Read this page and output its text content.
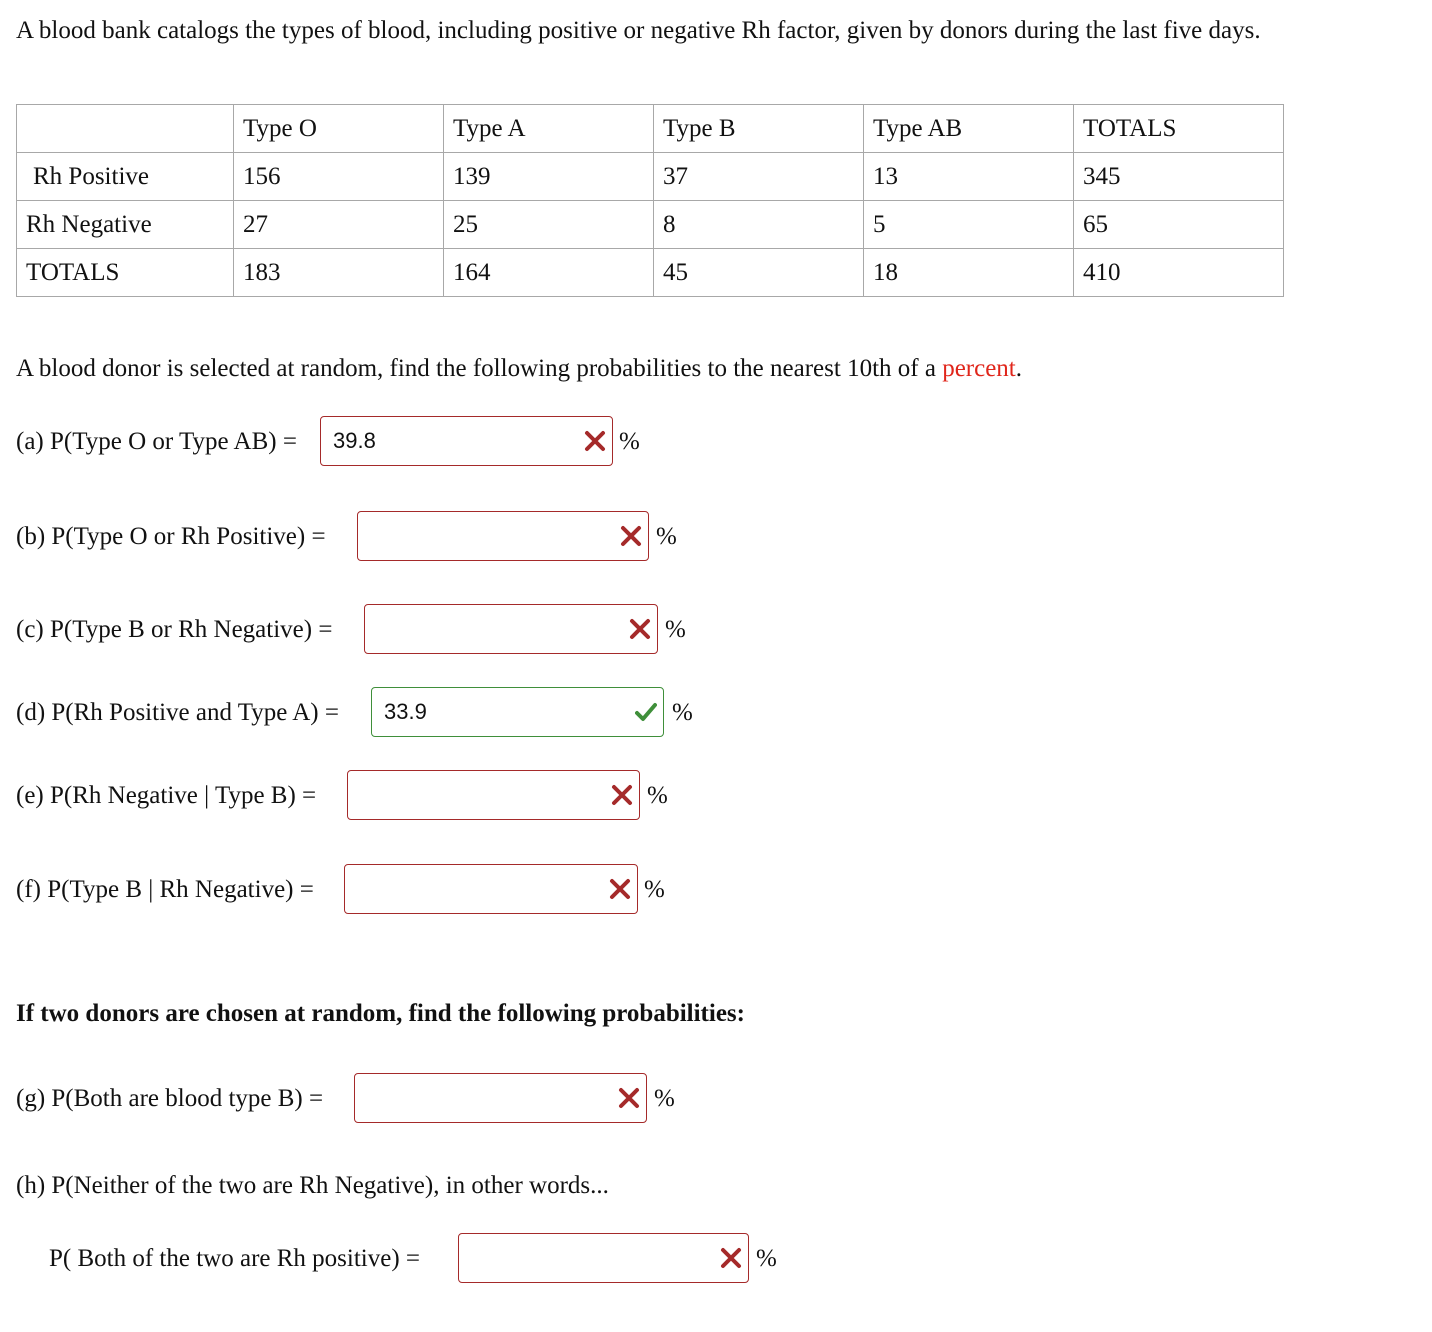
A blood bank catalogs the types of blood, including positive or negative Rh factor, given by donors during the last five days.
	Type O	Type A	Type B	Type AB	TOTALS
Rh Positive	156	139	37	13	345
Rh Negative	27	25	8	5	65
TOTALS	183	164	45	18	410
A blood donor is selected at random, find the following probabilities to the nearest 10th of a percent.
(a) P(Type O or Type AB) =
39.8	%
(b) P(Type O or Rh Positive) =	%
(c) P(Type B or Rh Negative) =	%
(d) P(Rh Positive and Type A) =
33.9	%
(e) P(Rh Negative | Type B) =	%
(f) P(Type B | Rh Negative) =	%
If two donors are chosen at random, find the following probabilities:
(g) P(Both are blood type B) =	%
(h) P(Neither of the two are Rh Negative), in other words...
P( Both of the two are Rh positive) =	%
